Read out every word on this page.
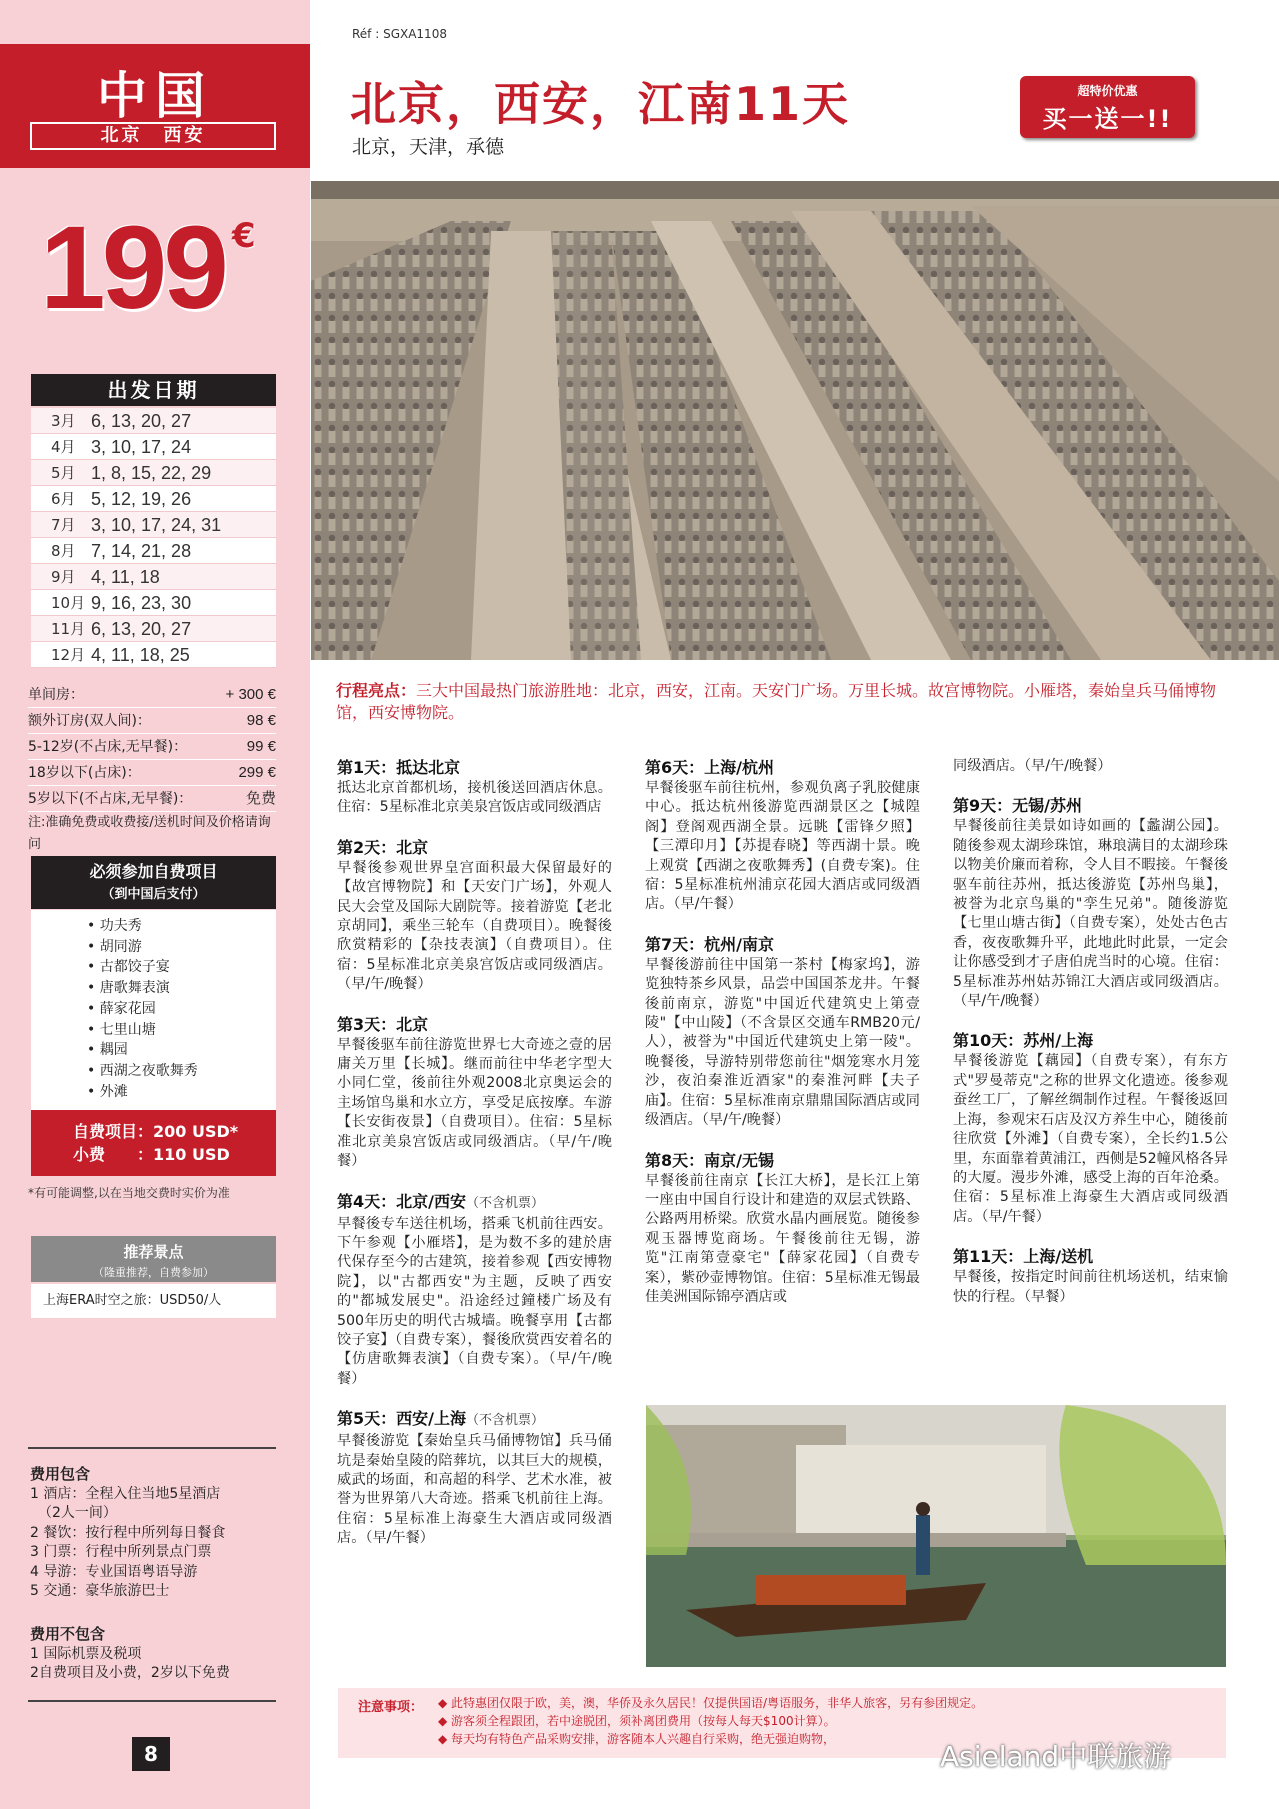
Réf : SGXA1108
中国
北京　西安
199 €
出发日期
3月 6, 13, 20, 27
4月 3, 10, 17, 24
5月 1, 8, 15, 22, 29
6月 5, 12, 19, 26
7月 3, 10, 17, 24, 31
8月 7, 14, 21, 28
9月 4, 11, 18
10月 9, 16, 23, 30
11月 6, 13, 20, 27
12月 4, 11, 18, 25
单间房：	+ 300 €
额外订房(双人间)：	98 €
5-12岁(不占床,无早餐)：	99 €
18岁以下(占床)：	299 €
5岁以下(不占床,无早餐)：	免费
注:准确免费或收费接/送机时间及价格请询问
必须参加自费项目
（到中国后支付）
• 功夫秀
• 胡同游
• 古都饺子宴
• 唐歌舞表演
• 薛家花园
• 七里山塘
• 耦园
• 西湖之夜歌舞秀
• 外滩
自费项目：200 USD*
小费　　：110 USD
*有可能调整,以在当地交费时实价为准
推荐景点
（隆重推荐，自费参加）
上海ERA时空之旅：USD50/人
费用包含
1 酒店：全程入住当地5星酒店
（2人一间）
2 餐饮：按行程中所列每日餐食
3 门票：行程中所列景点门票
4 导游：专业国语粤语导游
5 交通：豪华旅游巴士
费用不包含
1 国际机票及税项
2自费项目及小费，2岁以下免费
8
北京，西安，江南11天
北京，天津，承德
超特价优惠
买一送一!!
行程亮点：三大中国最热门旅游胜地：北京，西安，江南。天安门广场。万里长城。故宫博物院。小雁塔，秦始皇兵马俑博物馆，西安博物院。
第1天：抵达北京
抵达北京首都机场，接机後送回酒店休息。住宿：5星标准北京美泉宫饭店或同级酒店
第2天：北京
早餐後参观世界皇宫面积最大保留最好的【故宫博物院】和【天安门广场】，外观人民大会堂及国际大剧院等。接着游览【老北京胡同】，乘坐三轮车（自费项目）。晚餐後欣赏精彩的【杂技表演】（自费项目）。住宿：5星标准北京美泉宫饭店或同级酒店。（早/午/晚餐）
第3天：北京
早餐後驱车前往游览世界七大奇迹之壹的居庸关万里【长城】。继而前往中华老字型大小同仁堂，後前往外观2008北京奥运会的主场馆鸟巢和水立方，享受足底按摩。车游【长安街夜景】（自费项目）。住宿：5星标准北京美泉宫饭店或同级酒店。（早/午/晚餐）
第4天：北京/西安（不含机票）
早餐後专车送往机场，搭乘飞机前往西安。下午参观【小雁塔】，是为数不多的建於唐代保存至今的古建筑，接着参观【西安博物院】，以"古都西安"为主题，反映了西安的"都城发展史"。沿途经过鐘楼广场及有500年历史的明代古城墙。晚餐享用【古都饺子宴】（自费专案），餐後欣赏西安着名的【仿唐歌舞表演】（自费专案）。（早/午/晚餐）
第5天：西安/上海（不含机票）
早餐後游览【秦始皇兵马俑博物馆】兵马俑坑是秦始皇陵的陪葬坑，以其巨大的规模，威武的场面，和高超的科学、艺术水准，被誉为世界第八大奇迹。搭乘飞机前往上海。住宿：5星标准上海豪生大酒店或同级酒店。（早/午餐）
第6天：上海/杭州
早餐後驱车前往杭州，参观负离子乳胶健康中心。抵达杭州後游览西湖景区之【城隍阁】登阁观西湖全景。远眺【雷锋夕照】【三潭印月】【苏提春晓】等西湖十景。晚上观赏【西湖之夜歌舞秀】(自费专案)。住宿：5星标准杭州浦京花园大酒店或同级酒店。（早/午餐）
第7天：杭州/南京
早餐後游前往中国第一茶村【梅家坞】，游览独特茶乡风景，品尝中国国茶龙井。午餐後前南京，游览"中国近代建筑史上第壹陵"【中山陵】（不含景区交通车RMB20元/人），被誉为"中国近代建筑史上第一陵"。晚餐後，导游特别带您前往"烟笼寒水月笼沙，夜泊秦淮近酒家"的秦淮河畔【夫子庙】。住宿：5星标准南京鼎鼎国际酒店或同级酒店。（早/午/晚餐）
第8天：南京/无锡
早餐後前往南京【长江大桥】，是长江上第一座由中国自行设计和建造的双层式铁路、公路两用桥梁。欣赏水晶内画展览。随後参观玉器博览商场。午餐後前往无锡，游览"江南第壹豪宅"【薛家花园】（自费专案），紫砂壶博物馆。住宿：5星标准无锡最佳美洲国际锦亭酒店或
同级酒店。（早/午/晚餐）
第9天：无锡/苏州
早餐後前往美景如诗如画的【蠡湖公园】。随後参观太湖珍珠馆，琳琅满目的太湖珍珠以物美价廉而着称，令人目不暇接。午餐後驱车前往苏州，抵达後游览【苏州鸟巢】，被誉为北京鸟巢的"孪生兄弟"。随後游览【七里山塘古街】（自费专案），处处古色古香，夜夜歌舞升平，此地此时此景，一定会让你感受到才子唐伯虎当时的心境。住宿：5星标准苏州姑苏锦江大酒店或同级酒店。（早/午/晚餐）
第10天：苏州/上海
早餐後游览【藕园】（自费专案），有东方式"罗曼蒂克"之称的世界文化遗迹。後参观蚕丝工厂，了解丝绸制作过程。午餐後返回上海，参观宋石店及汉方养生中心，随後前往欣赏【外滩】（自费专案），全长约1.5公里，东面靠着黄浦江，西侧是52幢风格各异的大厦。漫步外滩，感受上海的百年沧桑。住宿：5星标准上海豪生大酒店或同级酒店。（早/午餐）
第11天：上海/送机
早餐後，按指定时间前往机场送机，结束愉快的行程。（早餐）
注意事项：
◆	此特惠团仅限于欧，美，澳，华侨及永久居民！仅提供国语/粤语服务，非华人旅客，另有参团规定。
◆ 游客须全程跟团，若中途脱团，须补离团费用（按每人每天$100计算）。
◆ 每天均有特色产品采购安排，游客随本人兴趣自行采购，绝无强迫购物，
Asieland中联旅游
